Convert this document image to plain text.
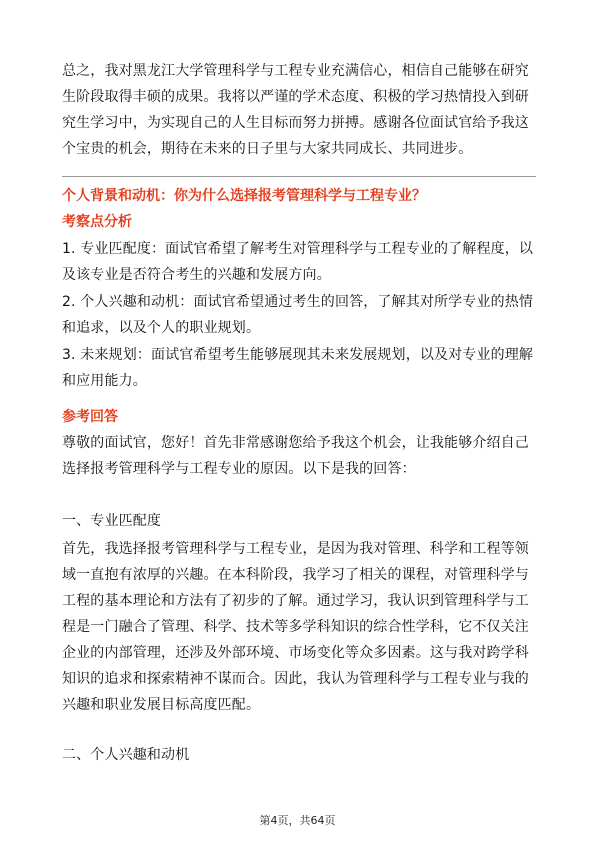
总之，我对黑龙江大学管理科学与工程专业充满信心，相信自己能够在研究生阶段取得丰硕的成果。我将以严谨的学术态度、积极的学习热情投入到研究生学习中，为实现自己的人生目标而努力拼搏。感谢各位面试官给予我这个宝贵的机会，期待在未来的日子里与大家共同成长、共同进步。

个人背景和动机：你为什么选择报考管理科学与工程专业？
考察点分析

1. 专业匹配度：面试官希望了解考生对管理科学与工程专业的了解程度，以及该专业是否符合考生的兴趣和发展方向。

2. 个人兴趣和动机：面试官希望通过考生的回答，了解其对所学专业的热情和追求，以及个人的职业规划。

3. 未来规划：面试官希望考生能够展现其未来发展规划，以及对专业的理解和应用能力。

参考回答

尊敬的面试官，您好！首先非常感谢您给予我这个机会，让我能够介绍自己选择报考管理科学与工程专业的原因。以下是我的回答：

一、专业匹配度

首先，我选择报考管理科学与工程专业，是因为我对管理、科学和工程等领域一直抱有浓厚的兴趣。在本科阶段，我学习了相关的课程，对管理科学与工程的基本理论和方法有了初步的了解。通过学习，我认识到管理科学与工程是一门融合了管理、科学、技术等多学科知识的综合性学科，它不仅关注企业的内部管理，还涉及外部环境、市场变化等众多因素。这与我对跨学科知识的追求和探索精神不谋而合。因此，我认为管理科学与工程专业与我的兴趣和职业发展目标高度匹配。

二、个人兴趣和动机

第4页，共64页
